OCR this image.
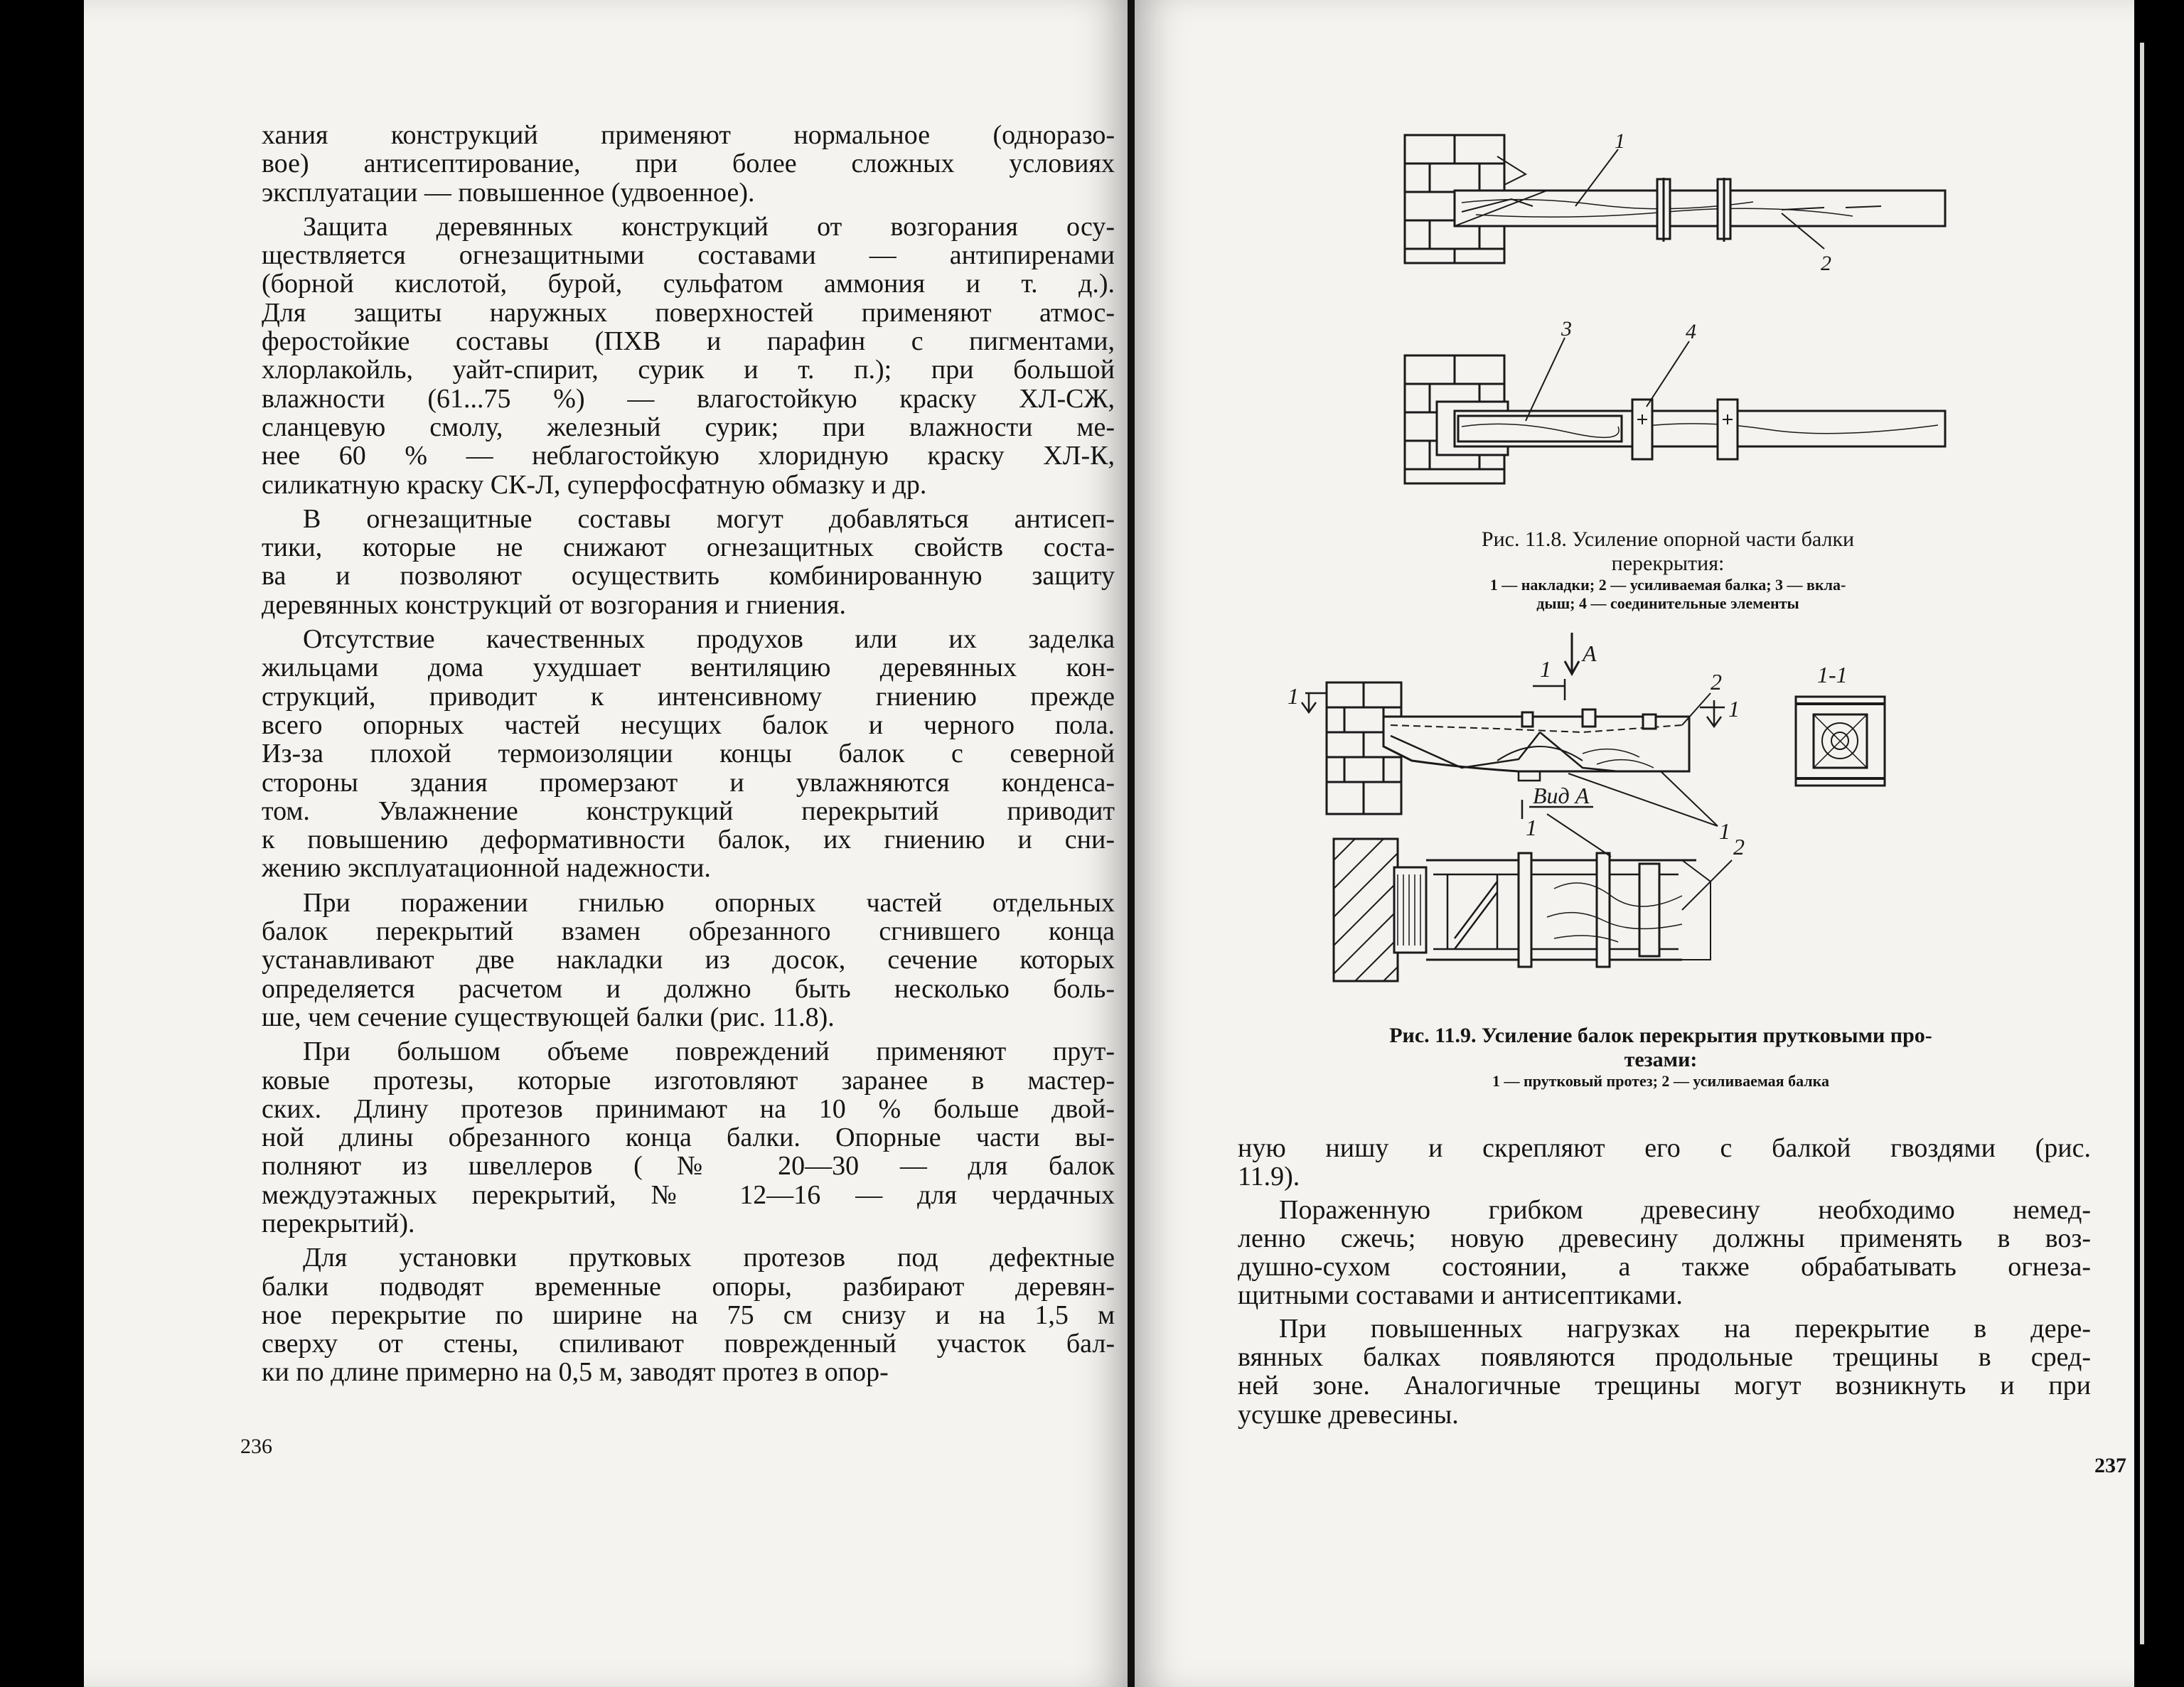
хания конструкций применяют нормальное (одноразо-

вое) антисептирование, при более сложных условиях

эксплуатации — повышенное (удвоенное).

Защита деревянных конструкций от возгорания осу-

ществляется огнезащитными составами — антипиренами

(борной кислотой, бурой, сульфатом аммония и т. д.).

Для защиты наружных поверхностей применяют атмос-

феростойкие составы (ПХВ и парафин с пигментами,

хлорлакойль, уайт-спирит, сурик и т. п.); при большой

влажности (61...75 %) — влагостойкую краску ХЛ-СЖ,

сланцевую смолу, железный сурик; при влажности ме-

нее 60 % — неблагостойкую хлоридную краску ХЛ-К,

силикатную краску СК-Л, суперфосфатную обмазку и др.

В огнезащитные составы могут добавляться антисеп-

тики, которые не снижают огнезащитных свойств соста-

ва и позволяют осуществить комбинированную защиту

деревянных конструкций от возгорания и гниения.

Отсутствие качественных продухов или их заделка

жильцами дома ухудшает вентиляцию деревянных кон-

струкций, приводит к интенсивному гниению прежде

всего опорных частей несущих балок и черного пола.

Из-за плохой термоизоляции концы балок с северной

стороны здания промерзают и увлажняются конденса-

том. Увлажнение конструкций перекрытий приводит

к повышению деформативности балок, их гниению и сни-

жению эксплуатационной надежности.

При поражении гнилью опорных частей отдельных

балок перекрытий взамен обрезанного сгнившего конца

устанавливают две накладки из досок, сечение которых

определяется расчетом и должно быть несколько боль-

ше, чем сечение существующей балки (рис. 11.8).

При большом объеме повреждений применяют прут-

ковые протезы, которые изготовляют заранее в мастер-

ских. Длину протезов принимают на 10 % больше двой-

ной длины обрезанного конца балки. Опорные части вы-

полняют из швеллеров (№ 20—30 — для балок

междуэтажных перекрытий, № 12—16 — для чердачных

перекрытий).

Для установки прутковых протезов под дефектные

балки подводят временные опоры, разбирают деревян-

ное перекрытие по ширине на 75 см снизу и на 1,5 м

сверху от стены, спиливают поврежденный участок бал-

ки по длине примерно на 0,5 м, заводят протез в опор-

236
1
2
3	4
Рис. 11.8. Усиление опорной части балки
перекрытия:
1 — накладки; 2 — усиливаемая балка; 3 — вкла-
дыш; 4 — соединительные элементы
А
1	1
1	2	1-1
Вид А
1
1
2
Рис. 11.9. Усиление балок перекрытия прутковыми про-
тезами:
1 — прутковый протез; 2 — усиливаемая балка

ную нишу и скрепляют его с балкой гвоздями (рис.

11.9).

Пораженную грибком древесину необходимо немед-

ленно сжечь; новую древесину должны применять в воз-

душно-сухом состоянии, а также обрабатывать огнеза-

щитными составами и антисептиками.

При повышенных нагрузках на перекрытие в дере-

вянных балках появляются продольные трещины в сред-

ней зоне. Аналогичные трещины могут возникнуть и при

усушке древесины.

237
